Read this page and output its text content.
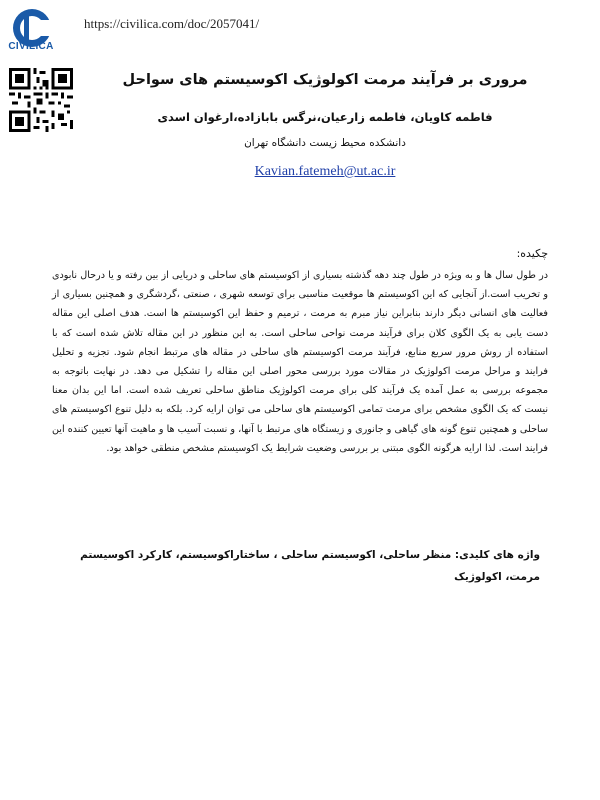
CIVILICA
https://civilica.com/doc/2057041/
مروری بر فرآیند مرمت اکولوژیک اکوسیستم های سواحل
فاطمه کاویان، فاطمه زارعیان،نرگس بابازاده،ارغوان اسدی
دانشکده محیط زیست دانشگاه تهران
Kavian.fatemeh@ut.ac.ir
چکیده:
در طول سال ها و به ویژه در طول چند دهه گذشته بسیاری از اکوسیستم های ساحلی و دریایی از بین رفته و یا درحال نابودی و تخریب است.از آنجایی که این اکوسیستم ها موقعیت مناسبی برای توسعه شهری ، صنعتی ،گردشگری و همچنین بسیاری از فعالیت های انسانی دیگر دارند بنابراین نیاز مبرم به مرمت ، ترمیم و حفظ این اکوسیستم ها است. هدف اصلی این مقاله دست یابی به یک الگوی کلان برای فرآیند مرمت نواحی ساحلی است. به این منظور در این مقاله تلاش شده است که با استفاده از روش مرور سریع منابع، فرآیند مرمت اکوسیستم های ساحلی در مقاله های مرتبط انجام شود. تجزیه و تحلیل فرایند و مراحل مرمت اکولوژیک در مقالات مورد بررسی محور اصلی این مقاله را تشکیل می دهد. در نهایت باتوجه به مجموعه بررسی به عمل آمده یک فرآیند کلی برای مرمت اکولوژیک مناطق ساحلی تعریف شده است. اما این بدان معنا نیست که یک الگوی مشخص برای مرمت تمامی اکوسیستم های ساحلی می توان ارایه کرد. بلکه به دلیل تنوع اکوسیستم های ساحلی و همچنین تنوع گونه های گیاهی و جانوری و زیستگاه های مرتبط با آنها، و نسبت آسیب ها و ماهیت آنها تعیین کننده این فرایند است. لذا ارایه هرگونه الگوی مبتنی بر بررسی وضعیت شرایط یک اکوسیستم مشخص منطقی خواهد بود.
واژه های کلیدی: منظر ساحلی، اکوسیستم ساحلی ، ساختاراکوسیستم، کارکرد اکوسیستم مرمت، اکولوژیک
